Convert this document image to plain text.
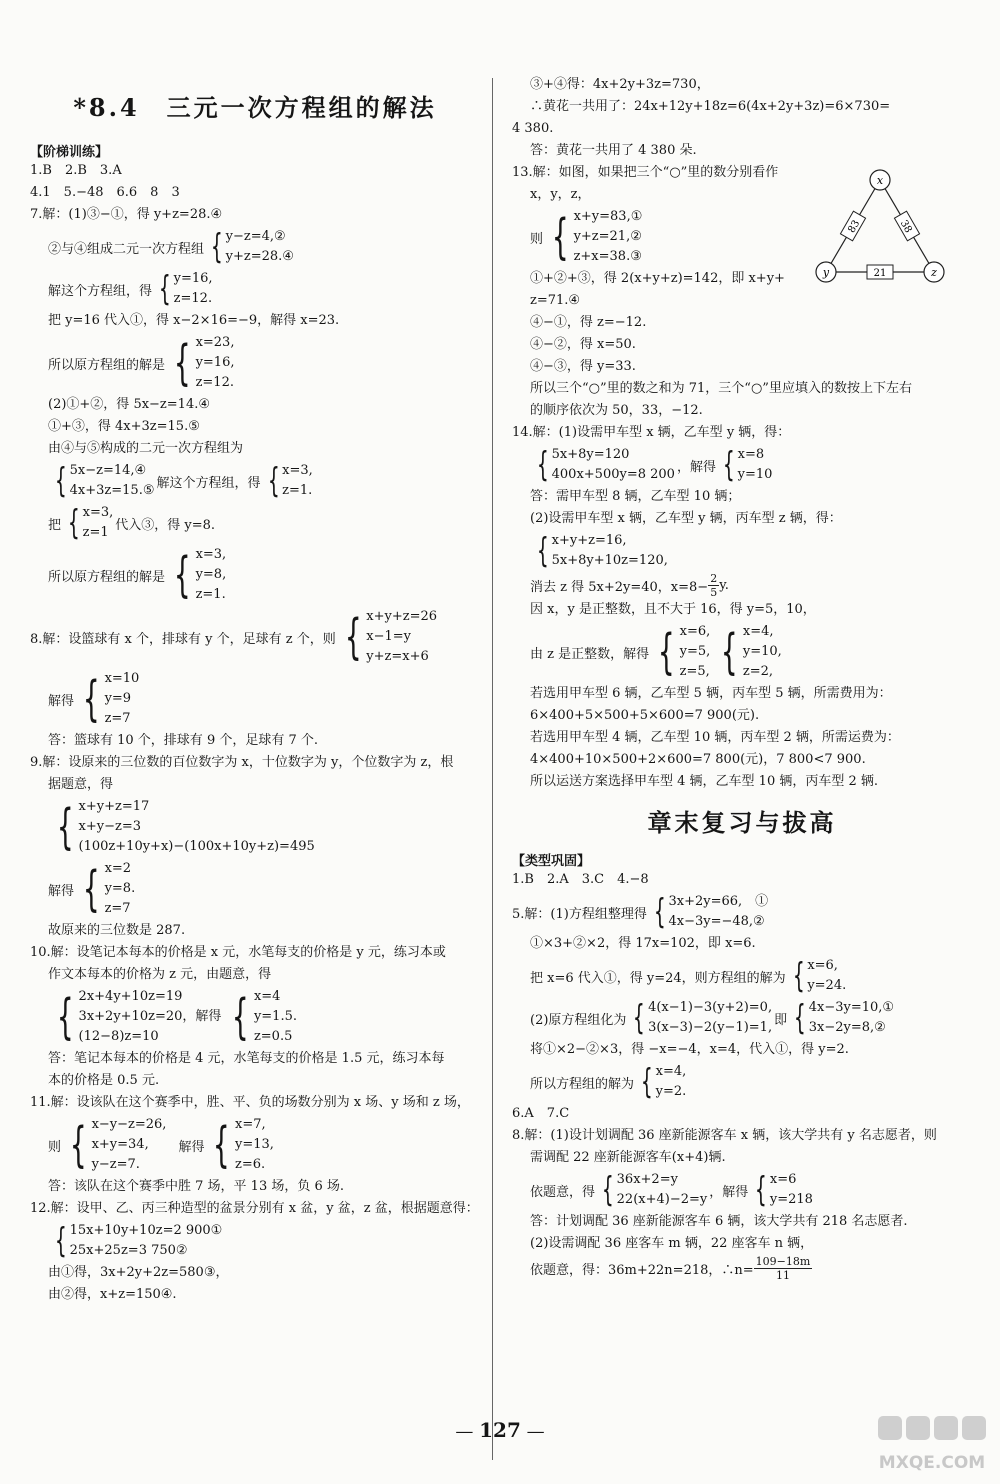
*8.4　三元一次方程组的解法

【阶梯训练】

1.B　2.B　3.A

4.1　5.−48　6.6　8　3

7.解：(1)③−①，得 y+z=28.④

②与④组成二元一次方程组 { y−z=4,②
y+z=28.④
解这个方程组，得 { y=16,
z=12.

把 y=16 代入①，得 x−2×16=−9，解得 x=23.

所以原方程组的解是 { x=23,
y=16,
z=12.

(2)①+②，得 5x−z=14.④

①+③，得 4x+3z=15.⑤

由④与⑤构成的二元一次方程组为

{ 5x−z=14,④
4x+3z=15.⑤ 解这个方程组，得 { x=3,
z=1.
把 { x=3,
z=1 代入③，得 y=8.
所以原方程组的解是 { x=3,
y=8,
z=1.
8.解：设篮球有 x 个，排球有 y 个，足球有 z 个，则 { x+y+z=26
x−1=y
y+z=x+6
解得 { x=10
y=9
z=7

答：篮球有 10 个，排球有 9 个，足球有 7 个.

9.解：设原来的三位数的百位数字为 x，十位数字为 y，个位数字为 z，根

据题意，得

{ x+y+z=17
x+y−z=3
(100z+10y+x)−(100x+10y+z)=495
解得 { x=2
y=8.
z=7

故原来的三位数是 287.

10.解：设笔记本每本的价格是 x 元，水笔每支的价格是 y 元，练习本或

作文本每本的价格为 z 元，由题意，得

{ 2x+4y+10z=19
3x+2y+10z=20，解得
(12−8)z=10	{ x=4
y=1.5.
z=0.5

答：笔记本每本的价格是 4 元，水笔每支的价格是 1.5 元，练习本每

本的价格是 0.5 元.

11.解：设该队在这个赛季中，胜、平、负的场数分别为 x 场、y 场和 z 场，

则 { x−y−z=26,
x+y=34,
y−z=7.
解得 { x=7,
y=13,
z=6.

答：该队在这个赛季中胜 7 场，平 13 场，负 6 场.

12.解：设甲、乙、丙三种造型的盆景分别有 x 盆，y 盆，z 盆，根据题意得：

{ 15x+10y+10z=2 900①
25x+25z=3 750②

由①得，3x+2y+2z=580③，

由②得，x+z=150④.

③+④得：4x+2y+3z=730，

∴黄花一共用了：24x+12y+18z=6(4x+2y+3z)=6×730=

4 380.

答：黄花一共用了 4 380 朵.

13.解：如图，如果把三个“○”里的数分别看作

x，y，z，

则 { x+y=83,①
y+z=21,②
z+x=38.③

①+②+③，得 2(x+y+z)=142，即 x+y+

z=71.④

④−①，得 z=−12.

④−②，得 x=50.

④−③，得 y=33.

所以三个“○”里的数之和为 71，三个“○”里应填入的数按上下左右

的顺序依次为 50，33，−12.

14.解：(1)设需甲车型 x 辆，乙车型 y 辆，得：

{ 5x+8y=120
400x+500y=8 200 ，解得 { x=8
y=10

答：需甲车型 8 辆，乙车型 10 辆；

(2)设需甲车型 x 辆，乙车型 y 辆，丙车型 z 辆，得：

{ x+y+z=16,
5x+8y+10z=120,
消去 z 得 5x+2y=40，$x=8- \frac{2}{5} y$.

因 x，y 是正整数，且不大于 16，得 y=5，10，

由 z 是正整数，解得 { x=6,
y=5,
z=5, { x=4,
y=10,
z=2,

若选用甲车型 6 辆，乙车型 5 辆，丙车型 5 辆，所需费用为：

6×400+5×500+5×600=7 900(元).

若选用甲车型 4 辆，乙车型 10 辆，丙车型 2 辆，所需运费为：

4×400+10×500+2×600=7 800(元)，7 800<7 900.

所以运送方案选择甲车型 4 辆，乙车型 10 辆，丙车型 2 辆.

章末复习与拔高

【类型巩固】

1.B　2.A　3.C　4.−8

5.解：(1)方程组整理得 { 3x+2y=66,　①
4x−3y=−48,②

①×3+②×2，得 17x=102，即 x=6.

把 x=6 代入①，得 y=24，则方程组的解为 { x=6,
y=24.
(2)原方程组化为 { 4(x−1)−3(y+2)=0,
3(x−3)−2(y−1)=1, 即 { 4x−3y=10,①
3x−2y=8,②

将①×2−②×3，得 −x=−4，x=4，代入①，得 y=2.

所以方程组的解为 { x=4,
y=2.

6.A　7.C

8.解：(1)设计划调配 36 座新能源客车 x 辆，该大学共有 y 名志愿者，则

需调配 22 座新能源客车(x+4)辆.

依题意，得 { 36x+2=y
22(x+4)−2=y ，解得 { x=6
y=218

答：计划调配 36 座新能源客车 6 辆，该大学共有 218 名志愿者.

(2)设需调配 36 座客车 m 辆，22 座客车 n 辆，

依题意，得：36m+22n=218，∴n= $\frac{109-18m}{11}$
83	38
21
x
y	z
— 127 —
MXQE.COM
